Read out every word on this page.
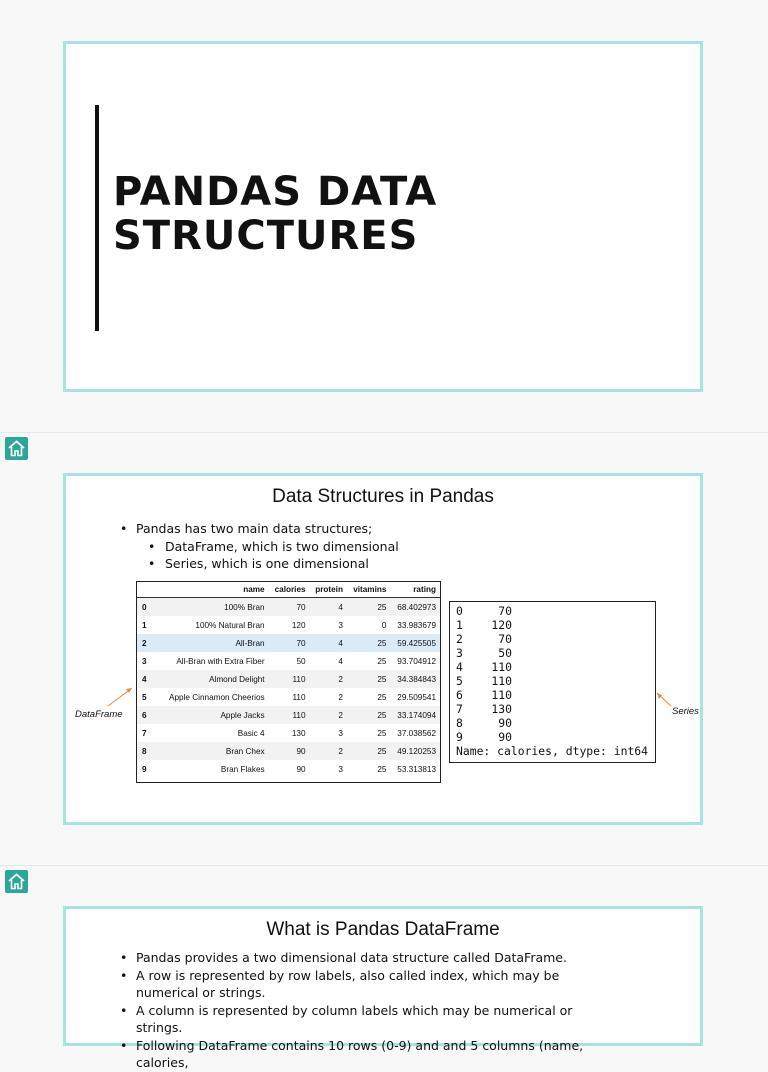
PANDAS DATA STRUCTURES
Data Structures in Pandas
• Pandas has two main data structures;
• DataFrame, which is two dimensional
• Series, which is one dimensional
	name	calories	protein	vitamins	rating
0	100% Bran	70	4	25	68.402973
1	100% Natural Bran	120	3	0	33.983679
2	All-Bran	70	4	25	59.425505
3	All-Bran with Extra Fiber	50	4	25	93.704912
4	Almond Delight	110	2	25	34.384843
5	Apple Cinnamon Cheerios	110	2	25	29.509541
6	Apple Jacks	110	2	25	33.174094
7	Basic 4	130	3	25	37.038562
8	Bran Chex	90	2	25	49.120253
9	Bran Flakes	90	3	25	53.313813
0	70
1	120
2	70
3	50
4	110
5	110
6	110
7	130
8	90
9	90
Name: calories, dtype: int64
DataFrame	Series
What is Pandas DataFrame
• Pandas provides a two dimensional data structure called DataFrame.
• A row is represented by row labels, also called index, which may be numerical or strings.
• A column is represented by column labels which may be numerical or strings.
• Following DataFrame contains 10 rows (0-9) and and 5 columns (name, calories,
